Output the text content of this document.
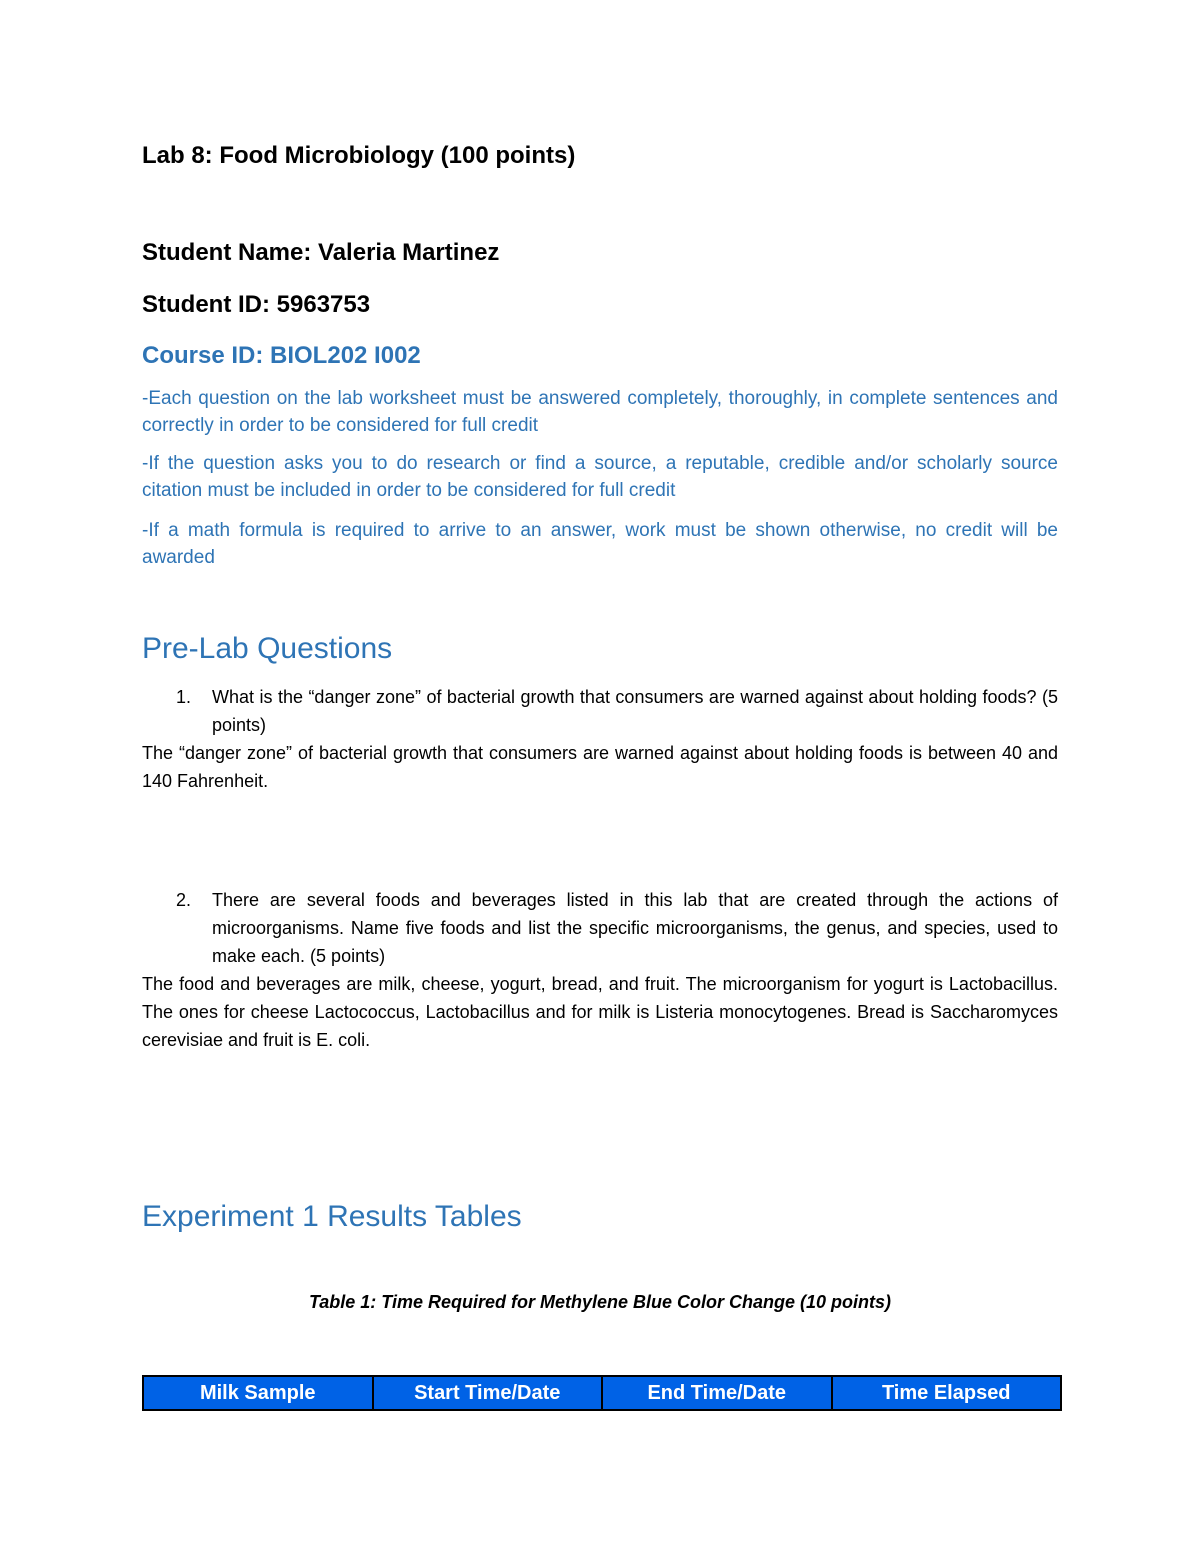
Lab 8: Food Microbiology (100 points)
Student Name: Valeria Martinez
Student ID: 5963753
Course ID: BIOL202 I002
-Each question on the lab worksheet must be answered completely, thoroughly, in complete sentences and correctly in order to be considered for full credit
-If the question asks you to do research or find a source, a reputable, credible and/or scholarly source citation must be included in order to be considered for full credit
-If a math formula is required to arrive to an answer, work must be shown otherwise, no credit will be awarded
Pre-Lab Questions
1. What is the “danger zone” of bacterial growth that consumers are warned against about holding foods? (5 points)
The “danger zone” of bacterial growth that consumers are warned against about holding foods is between 40 and 140 Fahrenheit.
2. There are several foods and beverages listed in this lab that are created through the actions of microorganisms. Name five foods and list the specific microorganisms, the genus, and species, used to make each. (5 points)
The food and beverages are milk, cheese, yogurt, bread, and fruit. The microorganism for yogurt is Lactobacillus. The ones for cheese Lactococcus, Lactobacillus and for milk is Listeria monocytogenes. Bread is Saccharomyces cerevisiae and fruit is E. coli.
Experiment 1 Results Tables
Table 1: Time Required for Methylene Blue Color Change (10 points)
Milk Sample	Start Time/Date	End Time/Date	Time Elapsed
